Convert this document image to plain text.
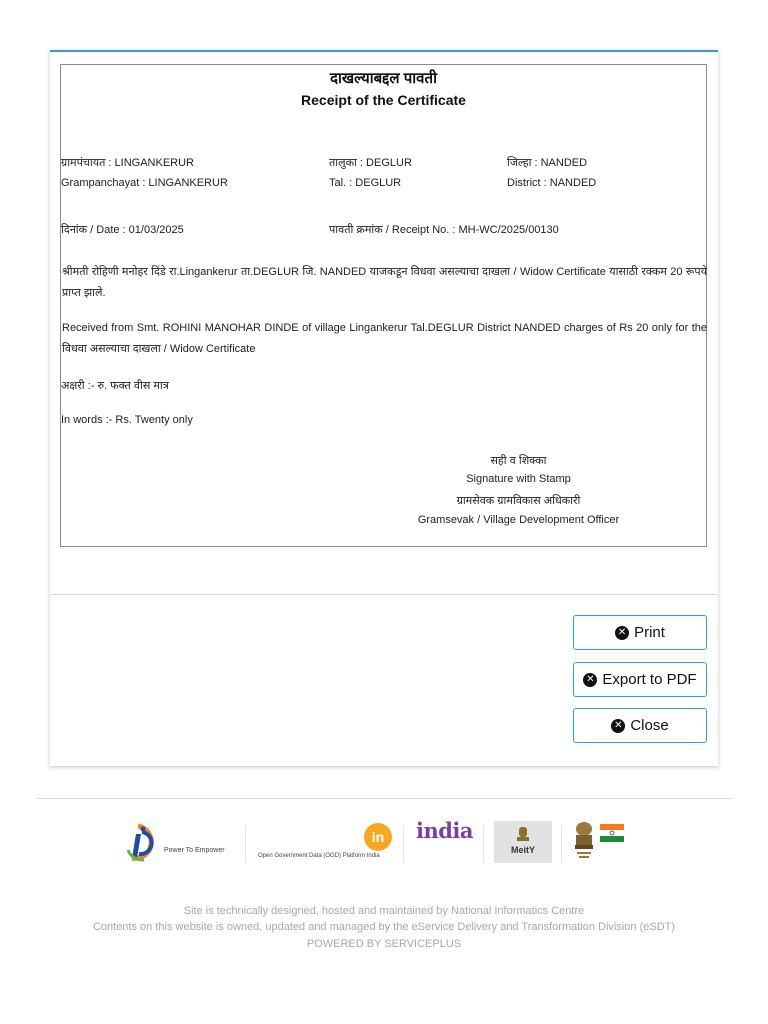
दाखल्याबद्दल पावती
Receipt of the Certificate
ग्रामपंचायत : LINGANKERUR
Grampanchayat : LINGANKERUR
तालुका : DEGLUR
Tal. : DEGLUR
जिल्हा : NANDED
District : NANDED
दिनांक / Date : 01/03/2025	पावती क्रमांक / Receipt No. : MH-WC/2025/00130
श्रीमती रोहिणी मनोहर दिंडे रा.Lingankerur ता.DEGLUR जि. NANDED याजकडून विधवा असल्याचा दाखला / Widow Certificate यासाठी रक्कम 20 रूपये प्राप्त झाले.
Received from Smt. ROHINI MANOHAR DINDE of village Lingankerur Tal.DEGLUR District NANDED charges of Rs 20 only for the विधवा असल्याचा दाखला / Widow Certificate
अक्षरी :- रु. फक्त वीस मात्र
In words :- Rs. Twenty only
सही व शिक्का
Signature with Stamp
ग्रामसेवक ग्रामविकास अधिकारी
Gramsevak / Village Development Officer
✕ Print
✕ Export to PDF
✕ Close
Power To Empower
in
Open Government Data (OGD) Platform India
india
MeitY
Site is technically designed, hosted and maintained by National Informatics Centre
Contents on this website is owned, updated and managed by the eService Delivery and Transformation Division (eSDT)
POWERED BY SERVICEPLUS
